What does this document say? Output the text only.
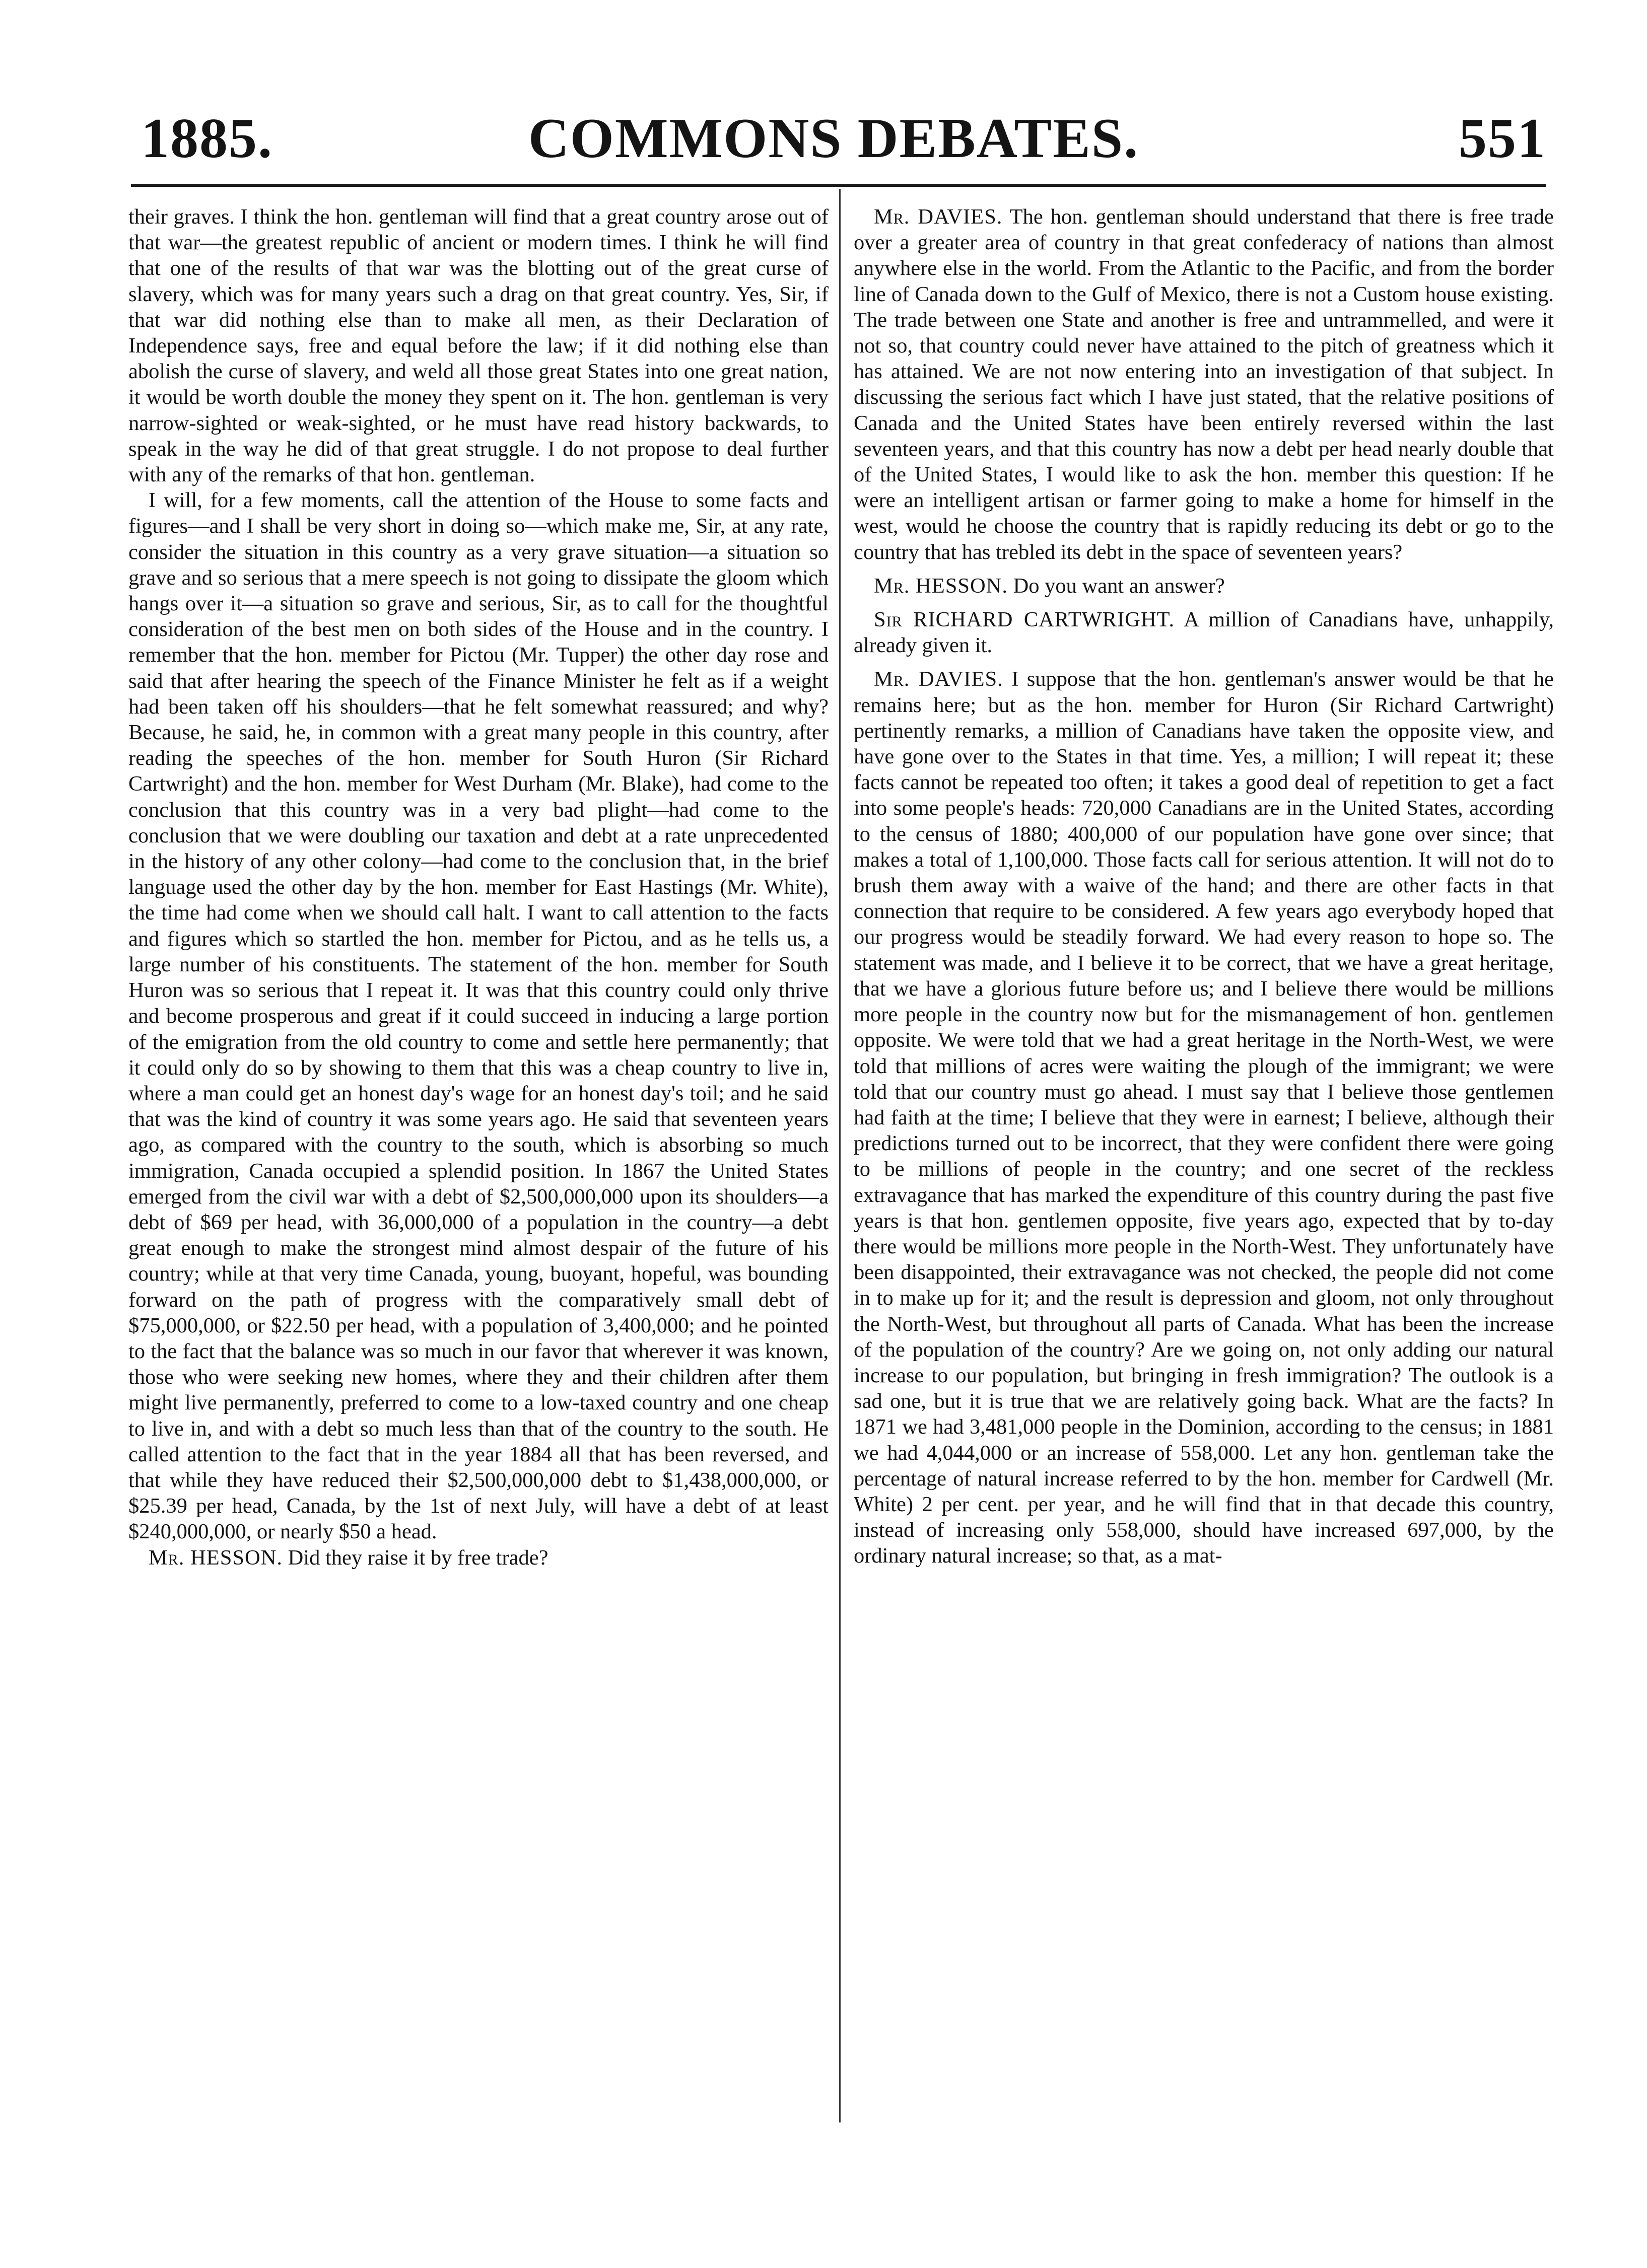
1885.	COMMONS DEBATES.	551

their graves. I think the hon. gentleman will find that a great country arose out of that war—the greatest republic of ancient or modern times. I think he will find that one of the results of that war was the blotting out of the great curse of slavery, which was for many years such a drag on that great country. Yes, Sir, if that war did nothing else than to make all men, as their Declaration of Independence says, free and equal before the law; if it did nothing else than abolish the curse of slavery, and weld all those great States into one great nation, it would be worth double the money they spent on it. The hon. gentleman is very narrow-sighted or weak-sighted, or he must have read history backwards, to speak in the way he did of that great struggle. I do not propose to deal further with any of the remarks of that hon. gentleman.

I will, for a few moments, call the attention of the House to some facts and figures—and I shall be very short in doing so—which make me, Sir, at any rate, consider the situation in this country as a very grave situation—a situation so grave and so serious that a mere speech is not going to dissipate the gloom which hangs over it—a situation so grave and serious, Sir, as to call for the thoughtful consideration of the best men on both sides of the House and in the country. I remember that the hon. member for Pictou (Mr. Tupper) the other day rose and said that after hearing the speech of the Finance Minister he felt as if a weight had been taken off his shoulders—that he felt somewhat reassured; and why? Because, he said, he, in common with a great many people in this country, after reading the speeches of the hon. member for South Huron (Sir Richard Cartwright) and the hon. member for West Durham (Mr. Blake), had come to the conclusion that this country was in a very bad plight—had come to the conclusion that we were doubling our taxation and debt at a rate unprecedented in the history of any other colony—had come to the conclusion that, in the brief language used the other day by the hon. member for East Hastings (Mr. White), the time had come when we should call halt. I want to call attention to the facts and figures which so startled the hon. member for Pictou, and as he tells us, a large number of his constituents. The statement of the hon. member for South Huron was so serious that I repeat it. It was that this country could only thrive and become prosperous and great if it could succeed in inducing a large portion of the emigration from the old country to come and settle here permanently; that it could only do so by showing to them that this was a cheap country to live in, where a man could get an honest day's wage for an honest day's toil; and he said that was the kind of country it was some years ago. He said that seventeen years ago, as compared with the country to the south, which is absorbing so much immigration, Canada occupied a splendid position. In 1867 the United States emerged from the civil war with a debt of $2,500,000,000 upon its shoulders—a debt of $69 per head, with 36,000,000 of a population in the country—a debt great enough to make the strongest mind almost despair of the future of his country; while at that very time Canada, young, buoyant, hopeful, was bounding forward on the path of progress with the comparatively small debt of $75,000,000, or $22.50 per head, with a population of 3,400,000; and he pointed to the fact that the balance was so much in our favor that wherever it was known, those who were seeking new homes, where they and their children after them might live permanently, preferred to come to a low-taxed country and one cheap to live in, and with a debt so much less than that of the country to the south. He called attention to the fact that in the year 1884 all that has been reversed, and that while they have reduced their $2,500,000,000 debt to $1,438,000,000, or $25.39 per head, Canada, by the 1st of next July, will have a debt of at least $240,000,000, or nearly $50 a head.

Mr. HESSON. Did they raise it by free trade?

Mr. DAVIES. The hon. gentleman should understand that there is free trade over a greater area of country in that great confederacy of nations than almost anywhere else in the world. From the Atlantic to the Pacific, and from the border line of Canada down to the Gulf of Mexico, there is not a Custom house existing. The trade between one State and another is free and untrammelled, and were it not so, that country could never have attained to the pitch of greatness which it has attained. We are not now entering into an investigation of that subject. In discussing the serious fact which I have just stated, that the relative positions of Canada and the United States have been entirely reversed within the last seventeen years, and that this country has now a debt per head nearly double that of the United States, I would like to ask the hon. member this question: If he were an intelligent artisan or farmer going to make a home for himself in the west, would he choose the country that is rapidly reducing its debt or go to the country that has trebled its debt in the space of seventeen years?

Mr. HESSON. Do you want an answer?

Sir RICHARD CARTWRIGHT. A million of Canadians have, unhappily, already given it.

Mr. DAVIES. I suppose that the hon. gentleman's answer would be that he remains here; but as the hon. member for Huron (Sir Richard Cartwright) pertinently remarks, a million of Canadians have taken the opposite view, and have gone over to the States in that time. Yes, a million; I will repeat it; these facts cannot be repeated too often; it takes a good deal of repetition to get a fact into some people's heads: 720,000 Canadians are in the United States, according to the census of 1880; 400,000 of our population have gone over since; that makes a total of 1,100,000. Those facts call for serious attention. It will not do to brush them away with a waive of the hand; and there are other facts in that connection that require to be considered. A few years ago everybody hoped that our progress would be steadily forward. We had every reason to hope so. The statement was made, and I believe it to be correct, that we have a great heritage, that we have a glorious future before us; and I believe there would be millions more people in the country now but for the mismanagement of hon. gentlemen opposite. We were told that we had a great heritage in the North-West, we were told that millions of acres were waiting the plough of the immigrant; we were told that our country must go ahead. I must say that I believe those gentlemen had faith at the time; I believe that they were in earnest; I believe, although their predictions turned out to be incorrect, that they were confident there were going to be millions of people in the country; and one secret of the reckless extravagance that has marked the expenditure of this country during the past five years is that hon. gentlemen opposite, five years ago, expected that by to-day there would be millions more people in the North-West. They unfortunately have been disappointed, their extravagance was not checked, the people did not come in to make up for it; and the result is depression and gloom, not only throughout the North-West, but throughout all parts of Canada. What has been the increase of the population of the country? Are we going on, not only adding our natural increase to our population, but bringing in fresh immigration? The outlook is a sad one, but it is true that we are relatively going back. What are the facts? In 1871 we had 3,481,000 people in the Dominion, according to the census; in 1881 we had 4,044,000 or an increase of 558,000. Let any hon. gentleman take the percentage of natural increase referred to by the hon. member for Cardwell (Mr. White) 2 per cent. per year, and he will find that in that decade this country, instead of increasing only 558,000, should have increased 697,000, by the ordinary natural increase; so that, as a mat-
